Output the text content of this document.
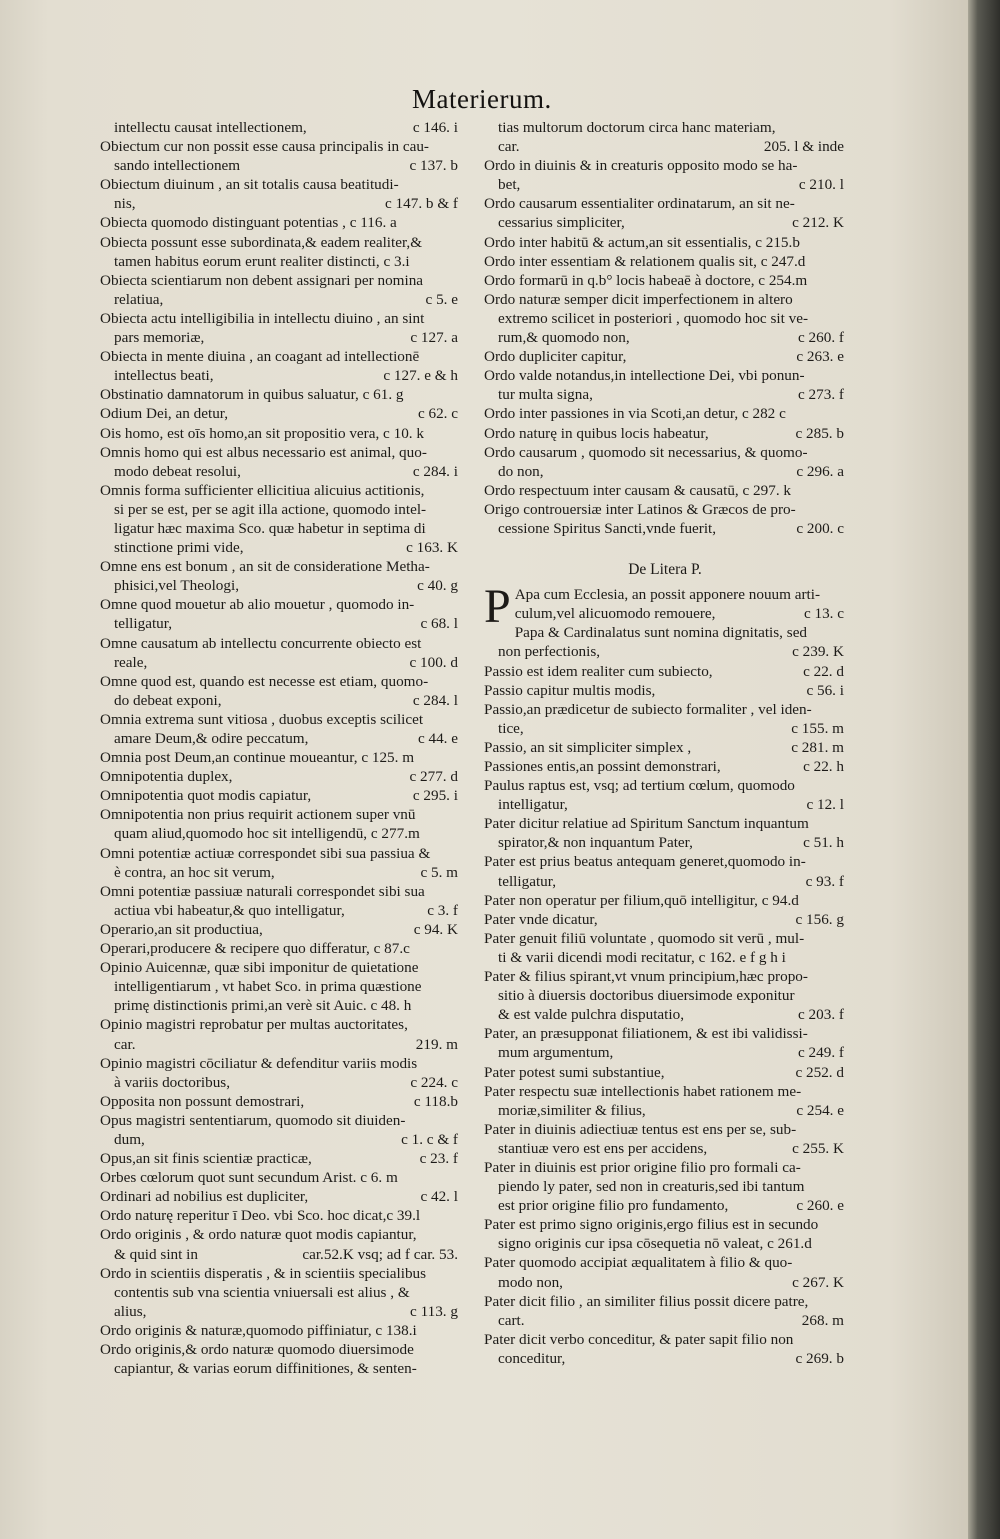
Materierum.
c 146. i
intellectu causat intellectionem,
Obiectum cur non possit esse causa principalis in cau-
c 137. b
sando intellectionem
Obiectum diuinum , an sit totalis causa beatitudi-
c 147. b & f
nis,
Obiecta quomodo distinguant potentias , c 116. a
Obiecta possunt esse subordinata,& eadem realiter,&
tamen habitus eorum erunt realiter distincti, c 3.i
Obiecta scientiarum non debent assignari per nomina
c 5. e
relatiua,
Obiecta actu intelligibilia in intellectu diuino , an sint
c 127. a
pars memoriæ,
Obiecta in mente diuina , an coagant ad intellectionē
c 127. e & h
intellectus beati,
Obstinatio damnatorum in quibus saluatur, c 61. g
c 62. c
Odium Dei, an detur,
Ois homo, est oīs homo,an sit propositio vera, c 10. k
Omnis homo qui est albus necessario est animal, quo-
c 284. i
modo debeat resolui,
Omnis forma sufficienter ellicitiua alicuius actitionis,
si per se est, per se agit illa actione, quomodo intel-
ligatur hæc maxima Sco. quæ habetur in septima di
c 163. K
stinctione primi vide,
Omne ens est bonum , an sit de consideratione Metha-
c 40. g
phisici,vel Theologi,
Omne quod mouetur ab alio mouetur , quomodo in-
c 68. l
telligatur,
Omne causatum ab intellectu concurrente obiecto est
c 100. d
reale,
Omne quod est, quando est necesse est etiam, quomo-
c 284. l
do debeat exponi,
Omnia extrema sunt vitiosa , duobus exceptis scilicet
c 44. e
amare Deum,& odire peccatum,
Omnia post Deum,an continue moueantur, c 125. m
c 277. d
Omnipotentia duplex,
c 295. i
Omnipotentia quot modis capiatur,
Omnipotentia non prius requirit actionem super vnū
quam aliud,quomodo hoc sit intelligendū, c 277.m
Omni potentiæ actiuæ correspondet sibi sua passiua &
c 5. m
è contra, an hoc sit verum,
Omni potentiæ passiuæ naturali correspondet sibi sua
c 3. f
actiua vbi habeatur,& quo intelligatur,
c 94. K
Operario,an sit productiua,
Operari,producere & recipere quo differatur, c 87.c
Opinio Auicennæ, quæ sibi imponitur de quietatione
intelligentiarum , vt habet Sco. in prima quæstione
primę distinctionis primi,an verè sit Auic. c 48. h
Opinio magistri reprobatur per multas auctoritates,
219. m
car.
Opinio magistri cōciliatur & defenditur variis modis
c 224. c
à variis doctoribus,
c 118.b
Opposita non possunt demostrari,
Opus magistri sententiarum, quomodo sit diuiden-
c 1. c & f
dum,
c 23. f
Opus,an sit finis scientiæ practicæ,
Orbes cœlorum quot sunt secundum Arist. c 6. m
c 42. l
Ordinari ad nobilius est dupliciter,
Ordo naturę reperitur ī Deo. vbi Sco. hoc dicat,c 39.l
Ordo originis , & ordo naturæ quot modis capiantur,
car.52.K vsq; ad f car. 53.
& quid sint in
Ordo in scientiis disperatis , & in scientiis specialibus
contentis sub vna scientia vniuersali est alius , &
c 113. g
alius,
Ordo originis & naturæ,quomodo piffiniatur, c 138.i
Ordo originis,& ordo naturæ quomodo diuersimode
capiantur, & varias eorum diffinitiones, & senten-
tias multorum doctorum circa hanc materiam,
205. l & inde
car.
Ordo in diuinis & in creaturis opposito modo se ha-
c 210. l
bet,
Ordo causarum essentialiter ordinatarum, an sit ne-
c 212. K
cessarius simpliciter,
Ordo inter habitū & actum,an sit essentialis, c 215.b
Ordo inter essentiam & relationem qualis sit, c 247.d
Ordo formarū in q.b° locis habeaē à doctore, c 254.m
Ordo naturæ semper dicit imperfectionem in altero
extremo scilicet in posteriori , quomodo hoc sit ve-
c 260. f
rum,& quomodo non,
c 263. e
Ordo dupliciter capitur,
Ordo valde notandus,in intellectione Dei, vbi ponun-
c 273. f
tur multa signa,
Ordo inter passiones in via Scoti,an detur, c 282 c
c 285. b
Ordo naturę in quibus locis habeatur,
Ordo causarum , quomodo sit necessarius, & quomo-
c 296. a
do non,
Ordo respectuum inter causam & causatū, c 297. k
Origo controuersiæ inter Latinos & Græcos de pro-
c 200. c
cessione Spiritus Sancti,vnde fuerit,
De Litera P.
P Apa cum Ecclesia, an possit apponere nouum arti-
c 13. c
culum,vel alicuomodo remouere,
Papa & Cardinalatus sunt nomina dignitatis, sed
c 239. K
non perfectionis,
c 22. d
Passio est idem realiter cum subiecto,
c 56. i
Passio capitur multis modis,
Passio,an prædicetur de subiecto formaliter , vel iden-
c 155. m
tice,
c 281. m
Passio, an sit simpliciter simplex ,
c 22. h
Passiones entis,an possint demonstrari,
Paulus raptus est, vsq; ad tertium cœlum, quomodo
c 12. l
intelligatur,
Pater dicitur relatiue ad Spiritum Sanctum inquantum
c 51. h
spirator,& non inquantum Pater,
Pater est prius beatus antequam generet,quomodo in-
c 93. f
telligatur,
Pater non operatur per filium,quō intelligitur, c 94.d
c 156. g
Pater vnde dicatur,
Pater genuit filiū voluntate , quomodo sit verū , mul-
ti & varii dicendi modi recitatur, c 162. e f g h i
Pater & filius spirant,vt vnum principium,hæc propo-
sitio à diuersis doctoribus diuersimode exponitur
c 203. f
& est valde pulchra disputatio,
Pater, an præsupponat filiationem, & est ibi validissi-
c 249. f
mum argumentum,
c 252. d
Pater potest sumi substantiue,
Pater respectu suæ intellectionis habet rationem me-
c 254. e
moriæ,similiter & filius,
Pater in diuinis adiectiuæ tentus est ens per se, sub-
c 255. K
stantiuæ vero est ens per accidens,
Pater in diuinis est prior origine filio pro formali ca-
piendo ly pater, sed non in creaturis,sed ibi tantum
c 260. e
est prior origine filio pro fundamento,
Pater est primo signo originis,ergo filius est in secundo
signo originis cur ipsa cōsequetia nō valeat, c 261.d
Pater quomodo accipiat æqualitatem à filio & quo-
c 267. K
modo non,
Pater dicit filio , an similiter filius possit dicere patre,
268. m
cart.
Pater dicit verbo conceditur, & pater sapit filio non
c 269. b
conceditur,
